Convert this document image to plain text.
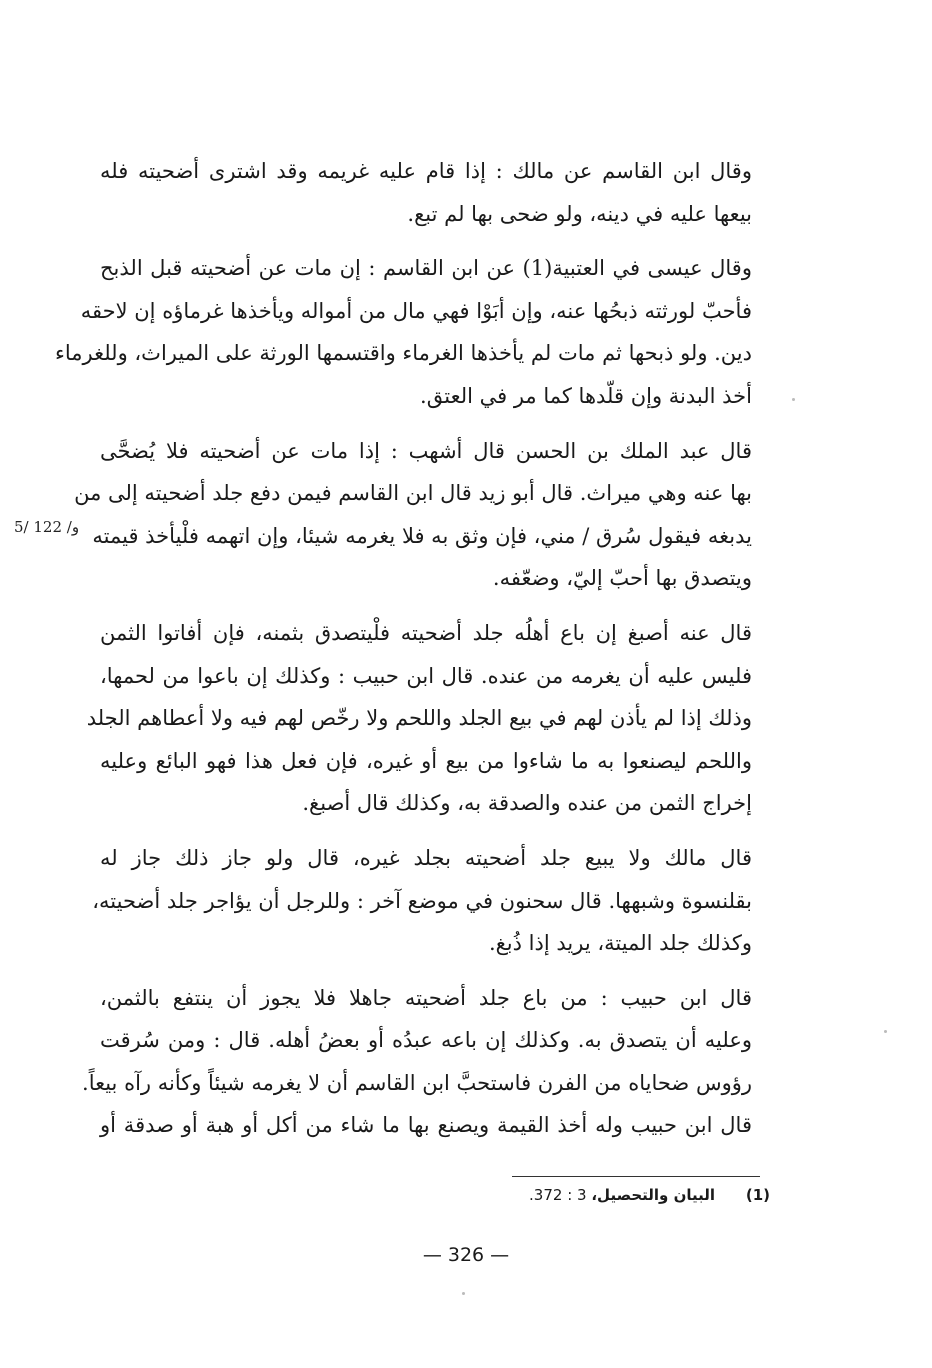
وقال ابن القاسم عن مالك : إذا قام عليه غريمه وقد اشترى أضحيته فله
بيعها عليه في دينه، ولو ضحى بها لم تبع.
وقال عيسى في العتبية(1) عن ابن القاسم : إن مات عن أضحيته قبل الذبح
فأحبّ لورثته ذبحُها عنه، وإن أبَوْا فهي مال من أمواله ويأخذها غرماؤه إن لاحقه
دين. ولو ذبحها ثم مات لم يأخذها الغرماء واقتسمها الورثة على الميراث، وللغرماء
أخذ البدنة وإن قلّدها كما مر في العتق.
قال عبد الملك بن الحسن قال أشهب : إذا مات عن أضحيته فلا يُضحَّى
بها عنه وهي ميراث. قال أبو زيد قال ابن القاسم فيمن دفع جلد أضحيته إلى من
يدبغه فيقول سُرق / مني، فإن وثق به فلا يغرمه شيئا، وإن اتهمه فلْيأخذ قيمته
ويتصدق بها أحبّ إليّ، وضعّفه.
قال عنه أصبغ إن باع أهلُه جلد أضحيته فلْيتصدق بثمنه، فإن أفاتوا الثمن
فليس عليه أن يغرمه من عنده. قال ابن حبيب : وكذلك إن باعوا من لحمها،
وذلك إذا لم يأذن لهم في بيع الجلد واللحم ولا رخّص لهم فيه ولا أعطاهم الجلد
واللحم ليصنعوا به ما شاءوا من بيع أو غيره، فإن فعل هذا فهو البائع وعليه
إخراج الثمن من عنده والصدقة به، وكذلك قال أصبغ.
قال مالك ولا يبيع جلد أضحيته بجلد غيره، قال ولو جاز ذلك جاز له
بقلنسوة وشبهها. قال سحنون في موضع آخر : وللرجل أن يؤاجر جلد أضحيته،
وكذلك جلد الميتة، يريد إذا ذُبغ.
قال ابن حبيب : من باع جلد أضحيته جاهلا فلا يجوز أن ينتفع بالثمن،
وعليه أن يتصدق به. وكذلك إن باعه عبدُه أو بعضُ أهله. قال : ومن سُرقت
رؤوس ضحاياه من الفرن فاستحبَّ ابن القاسم أن لا يغرمه شيئاً وكأنه رآه بيعاً.
قال ابن حبيب وله أخذ القيمة ويصنع بها ما شاء من أكل أو هبة أو صدقة أو
و/ 122 /5
(1) البيان والتحصيل، 3 : 372.
— 326 —
